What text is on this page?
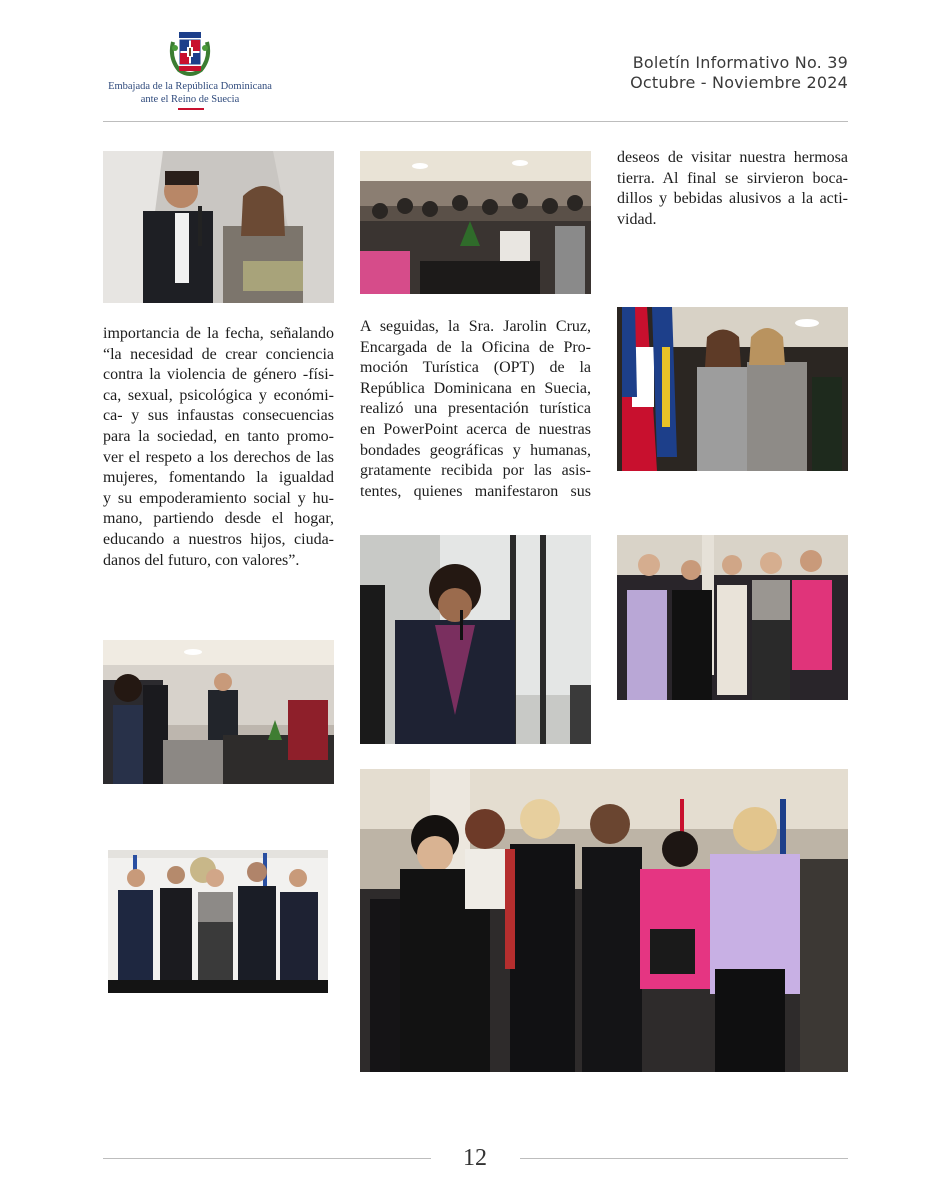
Embajada de la República Dominicana
ante el Reino de Suecia
Boletín Informativo No. 39
Octubre - Noviembre 2024
importancia de la fecha, señalando
“la necesidad de crear conciencia
contra la violencia de género -físi-
ca, sexual, psicológica y económi-
ca- y sus infaustas consecuencias
para la sociedad, en tanto promo-
ver el respeto a los derechos de las
mujeres, fomentando la igualdad
y su empoderamiento social y hu-
mano, partiendo desde el hogar,
educando a nuestros hijos, ciuda-
danos del futuro, con valores”.
A seguidas, la Sra. Jarolin Cruz,
Encargada de la Oficina de Pro-
moción Turística (OPT) de la
República Dominicana en Suecia,
realizó una presentación turística
en PowerPoint acerca de nuestras
bondades geográficas y humanas,
gratamente recibida por las asis-
tentes, quienes manifestaron sus
deseos de visitar nuestra hermosa
tierra. Al final se sirvieron boca-
dillos y bebidas alusivos a la acti-
vidad.
12
